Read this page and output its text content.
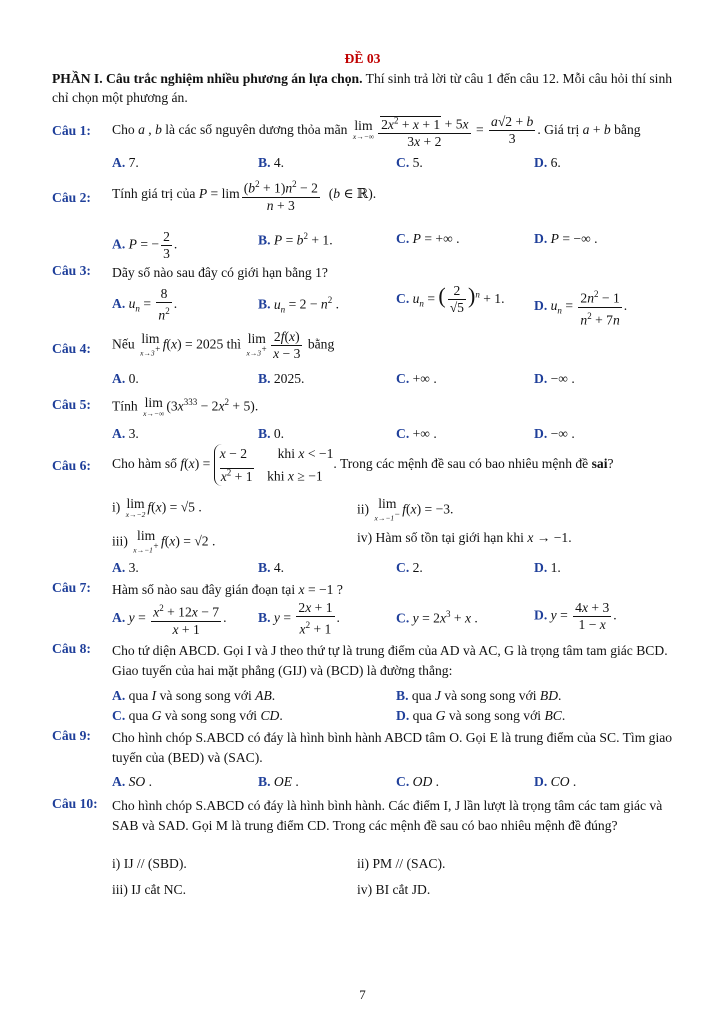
ĐỀ 03
PHẦN I. Câu trắc nghiệm nhiều phương án lựa chọn. Thí sinh trả lời từ câu 1 đến câu 12. Mỗi câu hỏi thí sinh chỉ chọn một phương án.
Câu 1: Cho a , b là các số nguyên dương thỏa mãn lim
$x\to-\infty \frac{2x^2 + x + 1 + 5x}{3x + 2} = \frac{a√2 + b}{3}$ . Giá trị a + b bằng
A. 7.	B. 4.	C. 5.	D. 6.
Câu 2: Tính giá trị của $P = \lim \frac{(b^2 + 1)n^2 - 2}{n + 3} (b$ ∈ ℝ).
A. P = − $\frac{2}{3}$ .	B. $P = b^2 + 1$.	C. P = +∞ .	D. P = −∞ .
Câu 3: Dãy số nào sau đây có giới hạn bằng 1?
A. $u_n = \frac{8}{n^2}$ .	B. $u_n = 2 - n^2$ .	C. $u_n$ = ( $\frac{2}{√5} )^n + 1$. D. $u_n = \frac{2n^2 - 1}{n^2 + 7n}$ .
Câu 4: Nếu lim
x→3+ f(x) = 2025 thì lim
$x\to 3^+ \frac{2f(x)}{x - 3}$ bằng
A. 0.	B. 2025.	C. +∞ .	D. −∞ .
Câu 5: Tính lim
x→−∞ $(3x^{333} - 2x^2 + 5)$.
A. 3.	B. 0.	C. +∞ .	D. −∞ .
Câu 6: Cho hàm số f(x) = x − 2         khi x < −1
$x^2 + 1$ khi x ≥ −1. Trong các mệnh đề sau có bao nhiêu mệnh đề sai?
i) lim
x→−2 f(x) = √5 .	ii) lim
x→−1− f(x) = −3.
iii) lim
x→−1+ f(x) = √2 .	iv) Hàm số tồn tại giới hạn khi x → −1.
A. 3.	B. 4.	C. 2.	D. 1.
Câu 7: Hàm số nào sau đây gián đoạn tại x = −1 ?
A. $y = \frac{x^2 + 12x - 7}{x + 1}$ . B. $y = \frac{2x + 1}{x^2 + 1}$ .	C. $y = 2x^3 + x$ .	D. $y = \frac{4x + 3}{1 - x}$ .
Câu 8: Cho tứ diện ABCD. Gọi I và J theo thứ tự là trung điểm của AD và AC, G là trọng tâm tam giác BCD. Giao tuyến của hai mặt phẳng (GIJ) và (BCD) là đường thẳng:
A. qua I và song song với AB.	B. qua J và song song với BD.
C. qua G và song song với CD.	D. qua G và song song với BC.
Câu 9: Cho hình chóp S.ABCD có đáy là hình bình hành ABCD tâm O. Gọi E là trung điểm của SC. Tìm giao tuyến của (BED) và (SAC).
A. SO .	B. OE .	C. OD .	D. CO .
Câu 10: Cho hình chóp S.ABCD có đáy là hình bình hành. Các điểm I, J lần lượt là trọng tâm các tam giác và SAB và SAD. Gọi M là trung điểm CD. Trong các mệnh đề sau có bao nhiêu mệnh đề đúng?
i) IJ // (SBD).	ii) PM // (SAC).
iii) IJ cắt NC.	iv) BI cắt JD.
7
